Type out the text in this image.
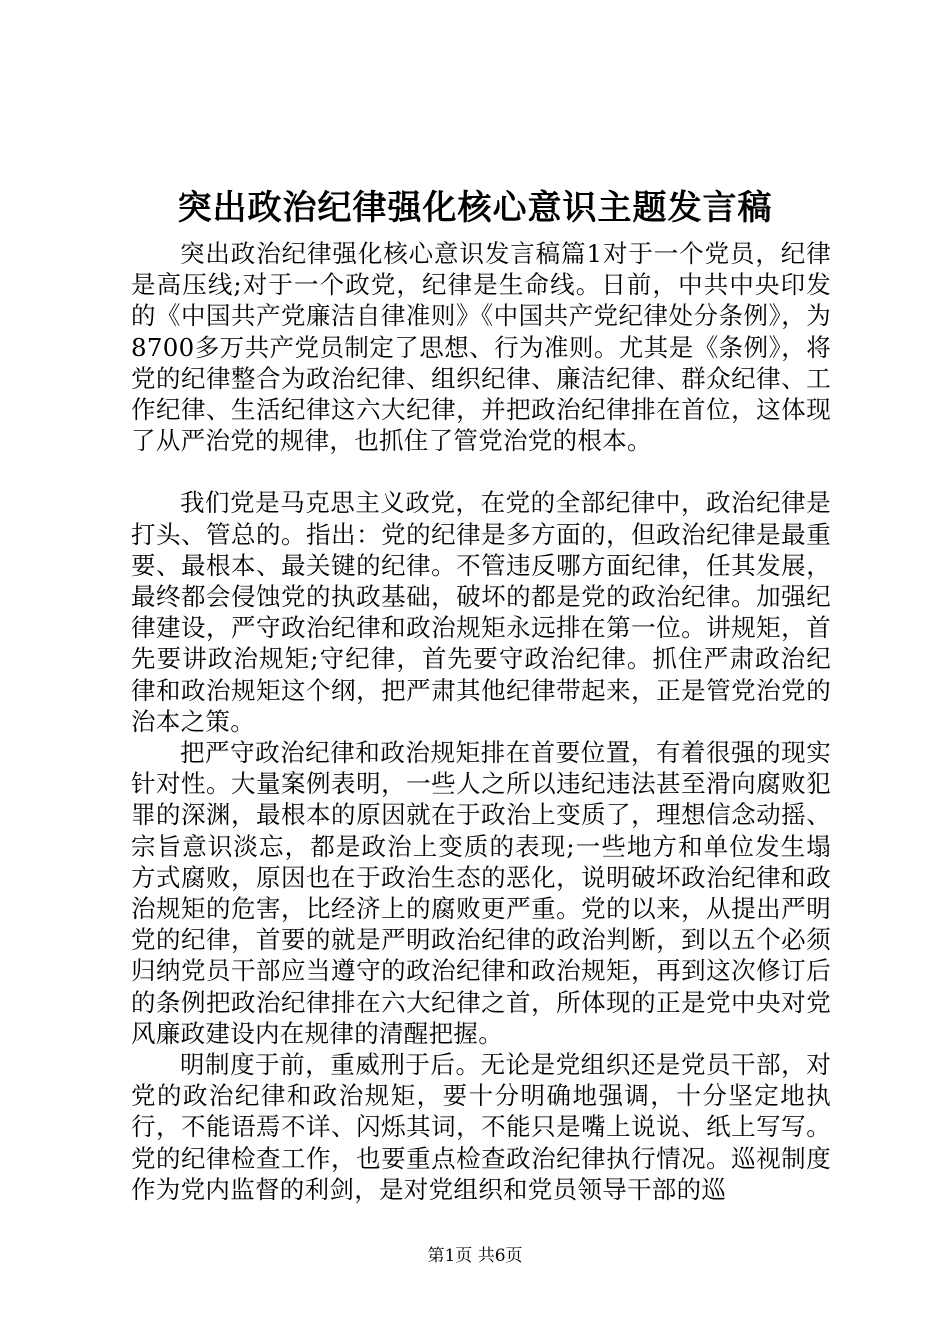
突出政治纪律强化核心意识主题发言稿

突出政治纪律强化核心意识发言稿篇1对于一个党员，纪律是高压线;对于一个政党，纪律是生命线。日前，中共中央印发的《中国共产党廉洁自律准则》《中国共产党纪律处分条例》，为8700多万共产党员制定了思想、行为准则。尤其是《条例》，将党的纪律整合为政治纪律、组织纪律、廉洁纪律、群众纪律、工作纪律、生活纪律这六大纪律，并把政治纪律排在首位，这体现了从严治党的规律，也抓住了管党治党的根本。

我们党是马克思主义政党，在党的全部纪律中，政治纪律是打头、管总的。指出：党的纪律是多方面的，但政治纪律是最重要、最根本、最关键的纪律。不管违反哪方面纪律，任其发展，最终都会侵蚀党的执政基础，破坏的都是党的政治纪律。加强纪律建设，严守政治纪律和政治规矩永远排在第一位。讲规矩，首先要讲政治规矩;守纪律，首先要守政治纪律。抓住严肃政治纪律和政治规矩这个纲，把严肃其他纪律带起来，正是管党治党的治本之策。

把严守政治纪律和政治规矩排在首要位置，有着很强的现实针对性。大量案例表明，一些人之所以违纪违法甚至滑向腐败犯罪的深渊，最根本的原因就在于政治上变质了，理想信念动摇、宗旨意识淡忘，都是政治上变质的表现;一些地方和单位发生塌方式腐败，原因也在于政治生态的恶化，说明破坏政治纪律和政治规矩的危害，比经济上的腐败更严重。党的以来，从提出严明党的纪律，首要的就是严明政治纪律的政治判断，到以五个必须归纳党员干部应当遵守的政治纪律和政治规矩，再到这次修订后的条例把政治纪律排在六大纪律之首，所体现的正是党中央对党风廉政建设内在规律的清醒把握。

明制度于前，重威刑于后。无论是党组织还是党员干部，对党的政治纪律和政治规矩，要十分明确地强调，十分坚定地执行，不能语焉不详、闪烁其词，不能只是嘴上说说、纸上写写。党的纪律检查工作，也要重点检查政治纪律执行情况。巡视制度作为党内监督的利剑，是对党组织和党员领导干部的巡

第1页 共6页
